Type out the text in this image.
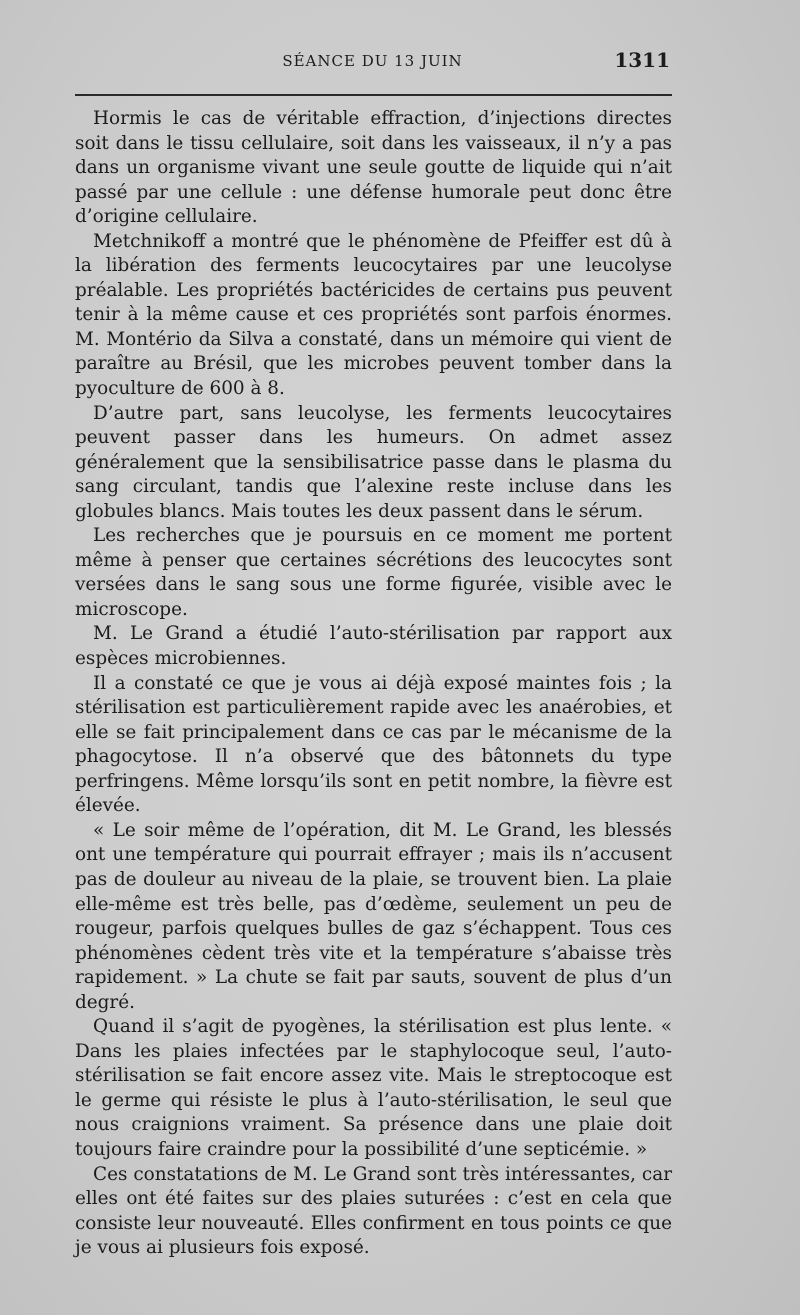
SÉANCE DU 13 JUIN	1311

Hormis le cas de véritable effraction, d’injections directes soit dans le tissu cellulaire, soit dans les vaisseaux, il n’y a pas dans un organisme vivant une seule goutte de liquide qui n’ait passé par une cellule : une défense humorale peut donc être d’origine cellulaire.

Metchnikoff a montré que le phénomène de Pfeiffer est dû à la libération des ferments leucocytaires par une leucolyse préalable. Les propriétés bactéricides de certains pus peuvent tenir à la même cause et ces propriétés sont parfois énormes. M. Montério da Silva a constaté, dans un mémoire qui vient de paraître au Brésil, que les microbes peuvent tomber dans la pyoculture de 600 à 8.

D’autre part, sans leucolyse, les ferments leucocytaires peuvent passer dans les humeurs. On admet assez généralement que la sensibilisatrice passe dans le plasma du sang circulant, tandis que l’alexine reste incluse dans les globules blancs. Mais toutes les deux passent dans le sérum.

Les recherches que je poursuis en ce moment me portent même à penser que certaines sécrétions des leucocytes sont versées dans le sang sous une forme figurée, visible avec le microscope.

M. Le Grand a étudié l’auto-stérilisation par rapport aux espèces microbiennes.

Il a constaté ce que je vous ai déjà exposé maintes fois ; la stérilisation est particulièrement rapide avec les anaérobies, et elle se fait principalement dans ce cas par le mécanisme de la phagocytose. Il n’a observé que des bâtonnets du type perfringens. Même lorsqu’ils sont en petit nombre, la fièvre est élevée.

« Le soir même de l’opération, dit M. Le Grand, les blessés ont une température qui pourrait effrayer ; mais ils n’accusent pas de douleur au niveau de la plaie, se trouvent bien. La plaie elle-même est très belle, pas d’œdème, seulement un peu de rougeur, parfois quelques bulles de gaz s’échappent. Tous ces phénomènes cèdent très vite et la température s’abaisse très rapidement. » La chute se fait par sauts, souvent de plus d’un degré.

Quand il s’agit de pyogènes, la stérilisation est plus lente. « Dans les plaies infectées par le staphylocoque seul, l’auto-stérilisation se fait encore assez vite. Mais le streptocoque est le germe qui résiste le plus à l’auto-stérilisation, le seul que nous craignions vraiment. Sa présence dans une plaie doit toujours faire craindre pour la possibilité d’une septicémie. »

Ces constatations de M. Le Grand sont très intéressantes, car elles ont été faites sur des plaies suturées : c’est en cela que consiste leur nouveauté. Elles confirment en tous points ce que je vous ai plusieurs fois exposé.
